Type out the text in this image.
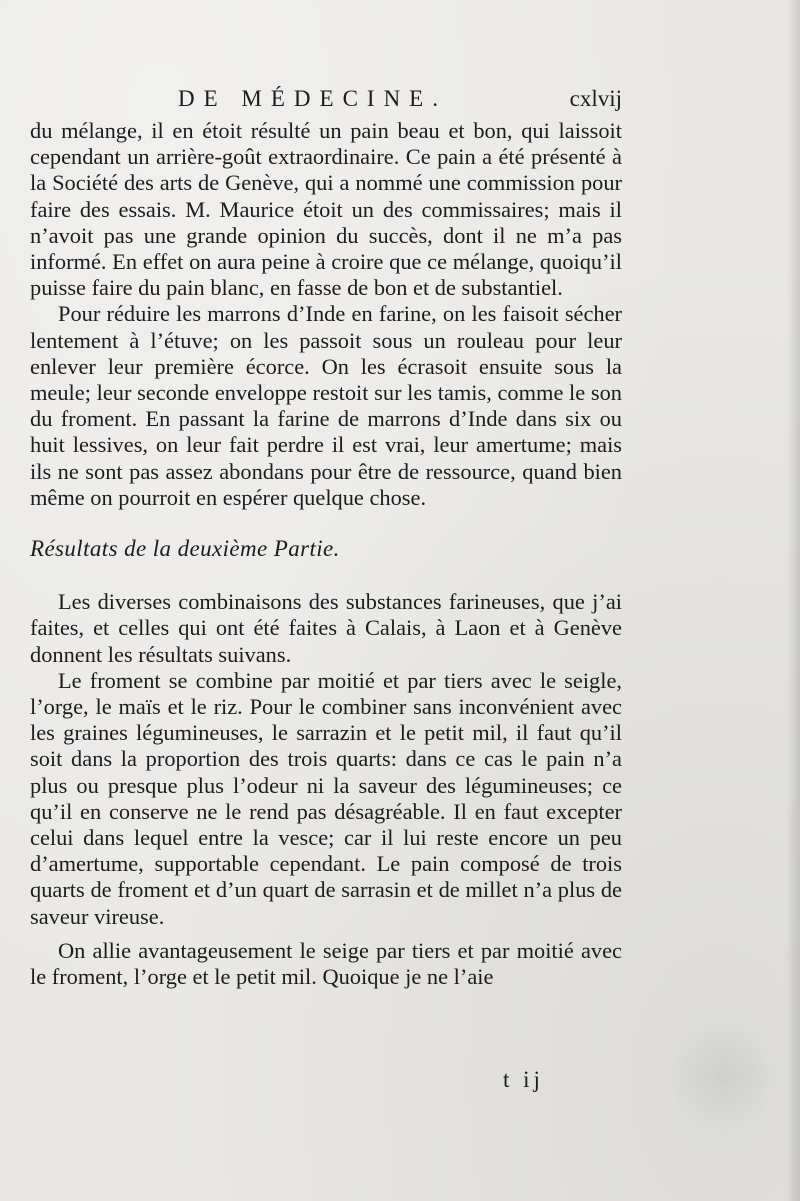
DE MÉDECINE.	cxlvij

du mélange, il en étoit résulté un pain beau et bon, qui laissoit cependant un arrière-goût extraordinaire. Ce pain a été présenté à la Société des arts de Genève, qui a nommé une commission pour faire des essais. M. Maurice étoit un des commissaires; mais il n’avoit pas une grande opinion du succès, dont il ne m’a pas informé. En effet on aura peine à croire que ce mélange, quoiqu’il puisse faire du pain blanc, en fasse de bon et de substantiel.

Pour réduire les marrons d’Inde en farine, on les faisoit sécher lentement à l’étuve; on les passoit sous un rouleau pour leur enlever leur première écorce. On les écrasoit ensuite sous la meule; leur seconde enveloppe restoit sur les tamis, comme le son du froment. En passant la farine de marrons d’Inde dans six ou huit lessives, on leur fait perdre il est vrai, leur amertume; mais ils ne sont pas assez abondans pour être de ressource, quand bien même on pourroit en espérer quelque chose.

Résultats de la deuxième Partie.

Les diverses combinaisons des substances farineuses, que j’ai faites, et celles qui ont été faites à Calais, à Laon et à Genève donnent les résultats suivans.

Le froment se combine par moitié et par tiers avec le seigle, l’orge, le maïs et le riz. Pour le combiner sans inconvénient avec les graines légumineuses, le sarrazin et le petit mil, il faut qu’il soit dans la proportion des trois quarts: dans ce cas le pain n’a plus ou presque plus l’odeur ni la saveur des légumineuses; ce qu’il en conserve ne le rend pas désagréable. Il en faut excepter celui dans lequel entre la vesce; car il lui reste encore un peu d’amertume, supportable cependant. Le pain composé de trois quarts de froment et d’un quart de sarrasin et de millet n’a plus de saveur vireuse.

On allie avantageusement le seige par tiers et par moitié avec le froment, l’orge et le petit mil. Quoique je ne l’aie

t ij
